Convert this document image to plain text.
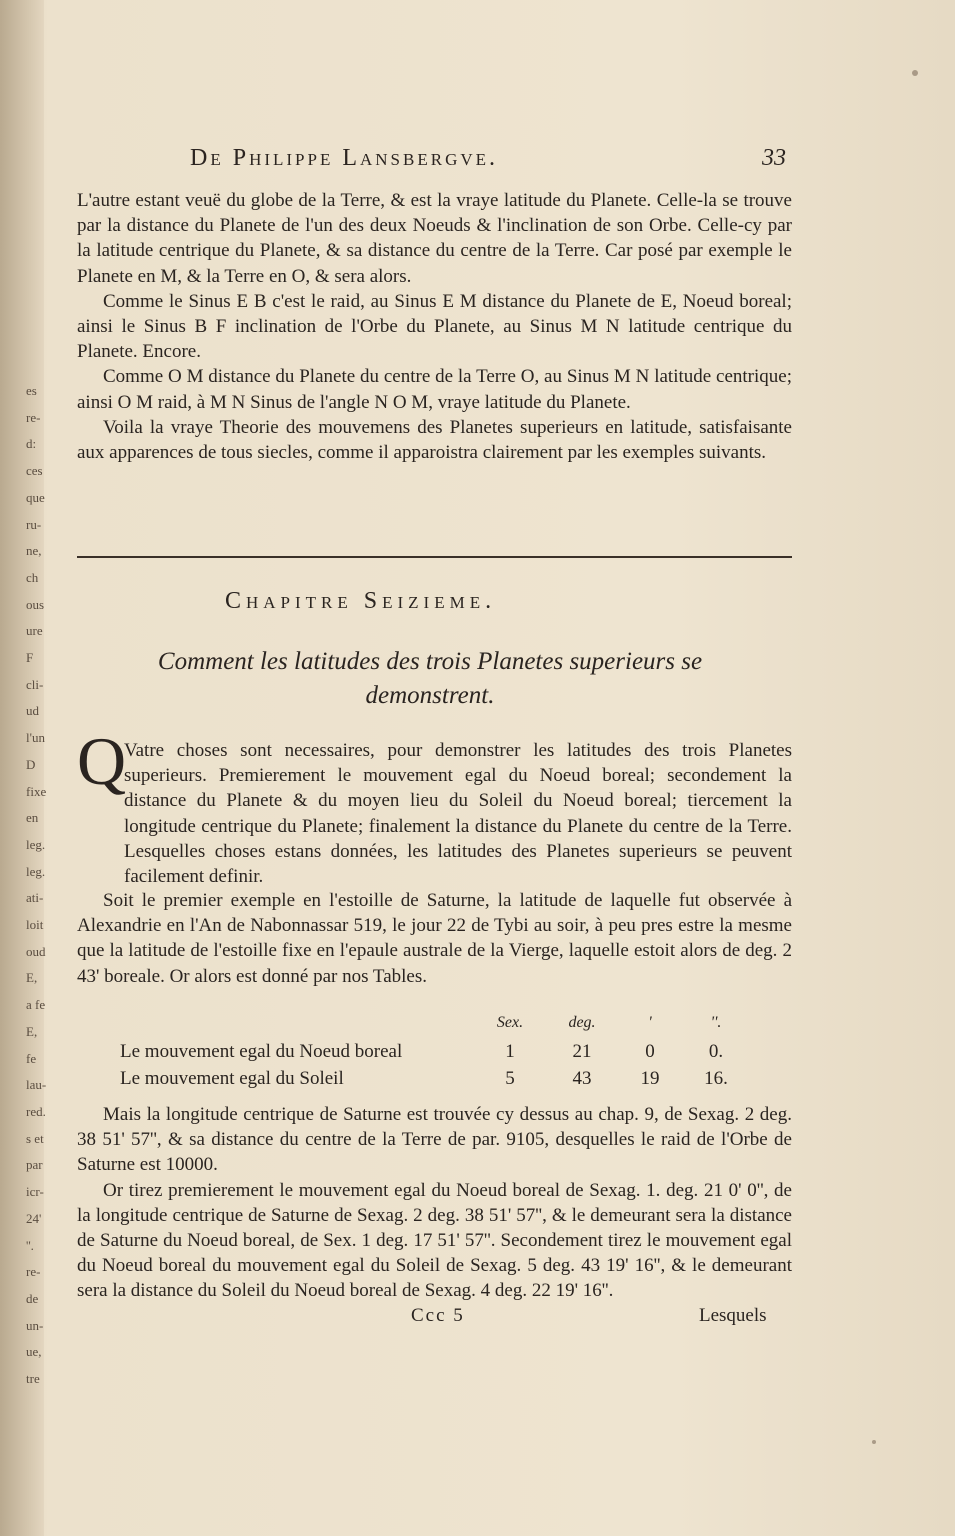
es
re-
d:
ces
que
ru-
ne,
ch
ous
ure
F
cli-
ud
l'un
D
fixe
en
leg.
leg.
ati-
loit
oud
E,
a fe
E,
fe
lau-
red.
s et
par
icr-
24'
''.
re-
de
un-
ue,
tre
De Philippe Lansbergve.	33

L'autre estant veuë du globe de la Terre, & est la vraye latitude du Planete. Celle-la se trouve par la distance du Planete de l'un des deux Noeuds & l'inclination de son Orbe. Celle-cy par la latitude centrique du Planete, & sa distance du centre de la Terre. Car posé par exemple le Planete en M, & la Terre en O, & sera alors.

Comme le Sinus E B c'est le raid, au Sinus E M distance du Planete de E, Noeud boreal; ainsi le Sinus B F inclination de l'Orbe du Planete, au Sinus M N latitude centrique du Planete. Encore.

Comme O M distance du Planete du centre de la Terre O, au Sinus M N latitude centrique; ainsi O M raid, à M N Sinus de l'angle N O M, vraye latitude du Planete.

Voila la vraye Theorie des mouvemens des Planetes superieurs en latitude, satisfaisante aux apparences de tous siecles, comme il apparoistra clairement par les exemples suivants.

Chapitre Seizieme.
Comment les latitudes des trois Planetes superieurs se demonstrent.
Q

Vatre choses sont necessaires, pour demonstrer les latitudes des trois Planetes superieurs. Premierement le mouvement egal du Noeud boreal; secondement la distance du Planete & du moyen lieu du Soleil du Noeud boreal; tiercement la longitude centrique du Planete; finalement la distance du Planete du centre de la Terre. Lesquelles choses estans données, les latitudes des Planetes superieurs se peuvent facilement definir.

Soit le premier exemple en l'estoille de Saturne, la latitude de laquelle fut observée à Alexandrie en l'An de Nabonnassar 519, le jour 22 de Tybi au soir, à peu pres estre la mesme que la latitude de l'estoille fixe en l'epaule australe de la Vierge, laquelle estoit alors de deg. 2 43' boreale. Or alors est donné par nos Tables.

Sex.	deg.	'	''.
Le mouvement egal du Noeud boreal	1	21	0	0.
Le mouvement egal du Soleil	5	43	19	16.

Mais la longitude centrique de Saturne est trouvée cy dessus au chap. 9, de Sexag. 2 deg. 38 51' 57'', & sa distance du centre de la Terre de par. 9105, desquelles le raid de l'Orbe de Saturne est 10000.

Or tirez premierement le mouvement egal du Noeud boreal de Sexag. 1. deg. 21 0' 0'', de la longitude centrique de Saturne de Sexag. 2 deg. 38 51' 57'', & le demeurant sera la distance de Saturne du Noeud boreal, de Sex. 1 deg. 17 51' 57''. Secondement tirez le mouvement egal du Noeud boreal du mouvement egal du Soleil de Sexag. 5 deg. 43 19' 16'', & le demeurant sera la distance du Soleil du Noeud boreal de Sexag. 4 deg. 22 19' 16''.

Ccc 5	Lesquels
